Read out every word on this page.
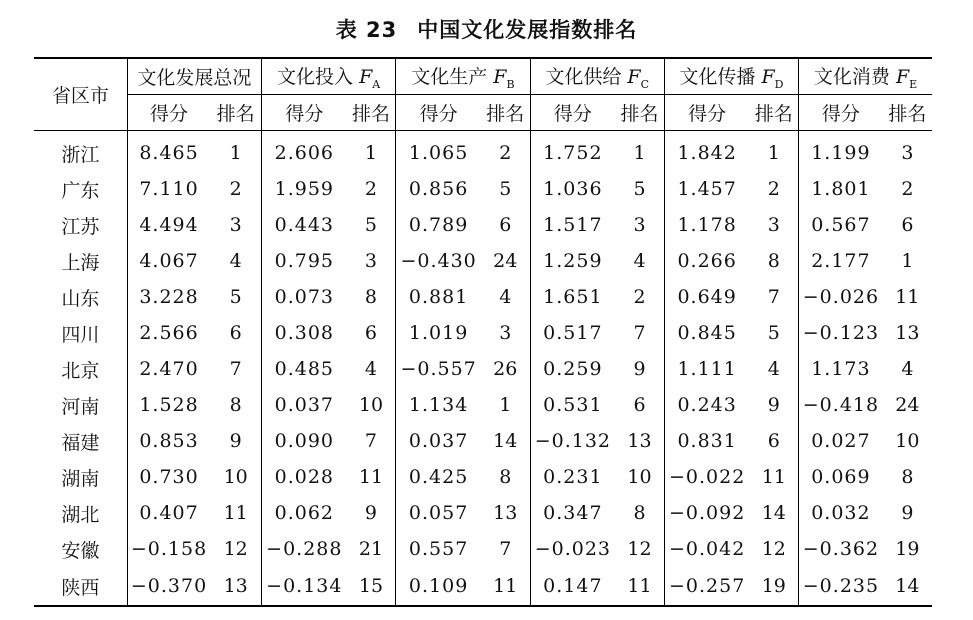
表 23 中国文化发展指数排名
省区市	文化发展总况		文化投入 $F_A$		文化生产 $F_B$		文化供给 $F_C$		文化传播 $F_D$		文化消费 $F_E$
	得分	排名	得分	排名	得分	排名	得分	排名	得分	排名	得分	排名
浙江	8.465	1	2.606	1	1.065	2	1.752	1	1.842	1	1.199	3
广东	7.110	2	1.959	2	0.856	5	1.036	5	1.457	2	1.801	2
江苏	4.494	3	0.443	5	0.789	6	1.517	3	1.178	3	0.567	6
上海	4.067	4	0.795	3	−0.430	24	1.259	4	0.266	8	2.177	1
山东	3.228	5	0.073	8	0.881	4	1.651	2	0.649	7	−0.026	11
四川	2.566	6	0.308	6	1.019	3	0.517	7	0.845	5	−0.123	13
北京	2.470	7	0.485	4	−0.557	26	0.259	9	1.111	4	1.173	4
河南	1.528	8	0.037	10	1.134	1	0.531	6	0.243	9	−0.418	24
福建	0.853	9	0.090	7	0.037	14	−0.132	13	0.831	6	0.027	10
湖南	0.730	10	0.028	11	0.425	8	0.231	10	−0.022	11	0.069	8
湖北	0.407	11	0.062	9	0.057	13	0.347	8	−0.092	14	0.032	9
安徽	−0.158	12	−0.288	21	0.557	7	−0.023	12	−0.042	12	−0.362	19
陕西	−0.370	13	−0.134	15	0.109	11	0.147	11	−0.257	19	−0.235	14
